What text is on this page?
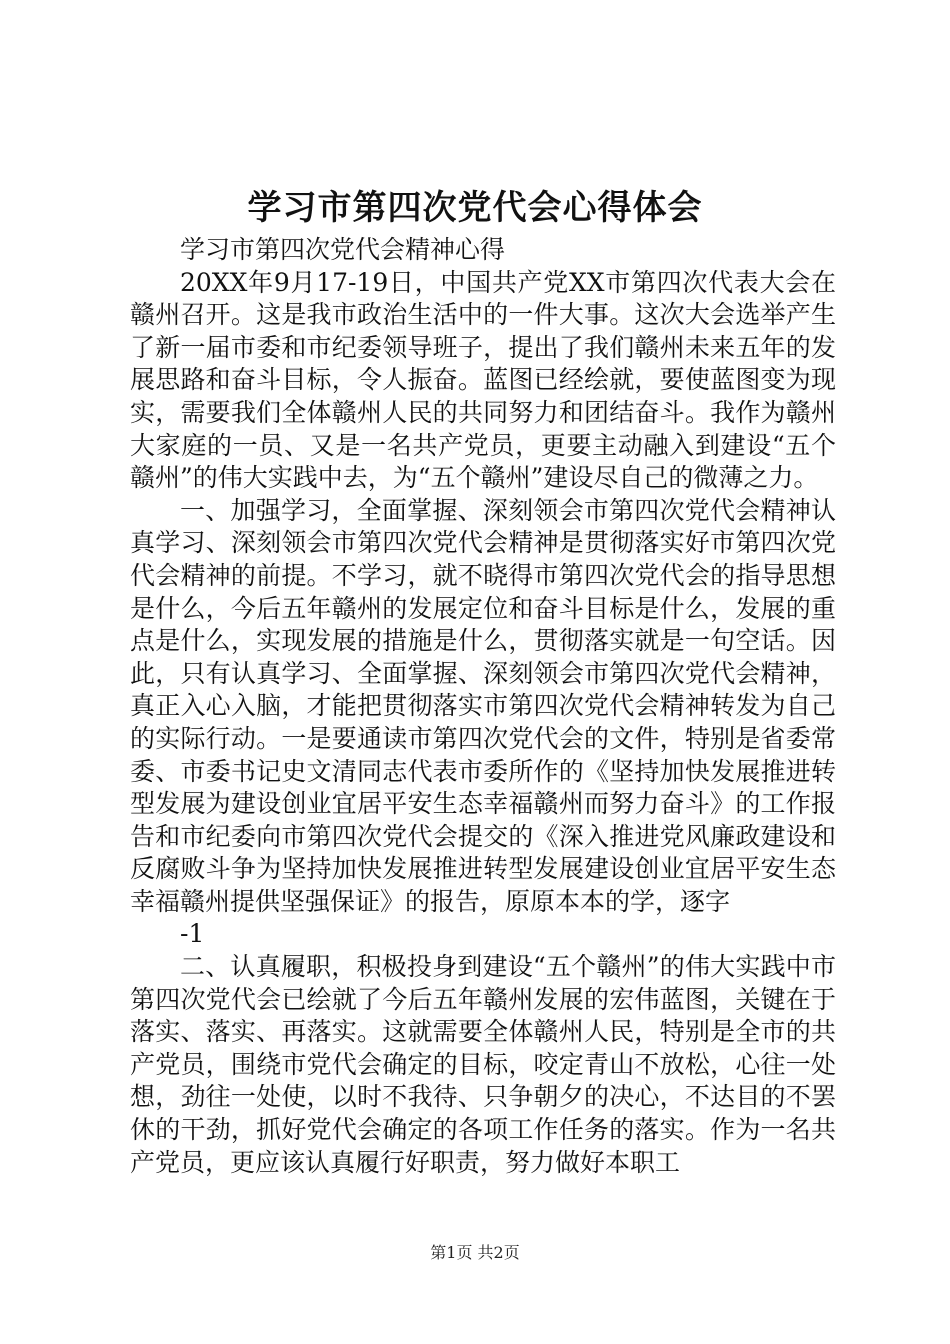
学习市第四次党代会心得体会

学习市第四次党代会精神心得

20XX年9月17-19日，中国共产党XX市第四次代表大会在赣州召开。这是我市政治生活中的一件大事。这次大会选举产生了新一届市委和市纪委领导班子，提出了我们赣州未来五年的发展思路和奋斗目标，令人振奋。蓝图已经绘就，要使蓝图变为现实，需要我们全体赣州人民的共同努力和团结奋斗。我作为赣州大家庭的一员、又是一名共产党员，更要主动融入到建设“五个赣州”的伟大实践中去，为“五个赣州”建设尽自己的微薄之力。

一、加强学习，全面掌握、深刻领会市第四次党代会精神认真学习、深刻领会市第四次党代会精神是贯彻落实好市第四次党代会精神的前提。不学习，就不晓得市第四次党代会的指导思想是什么，今后五年赣州的发展定位和奋斗目标是什么，发展的重点是什么，实现发展的措施是什么，贯彻落实就是一句空话。因此，只有认真学习、全面掌握、深刻领会市第四次党代会精神，真正入心入脑，才能把贯彻落实市第四次党代会精神转发为自己的实际行动。一是要通读市第四次党代会的文件，特别是省委常委、市委书记史文清同志代表市委所作的《坚持加快发展推进转型发展为建设创业宜居平安生态幸福赣州而努力奋斗》的工作报告和市纪委向市第四次党代会提交的《深入推进党风廉政建设和反腐败斗争为坚持加快发展推进转型发展建设创业宜居平安生态幸福赣州提供坚强保证》的报告，原原本本的学，逐字

-1

二、认真履职，积极投身到建设“五个赣州”的伟大实践中市第四次党代会已绘就了今后五年赣州发展的宏伟蓝图，关键在于落实、落实、再落实。这就需要全体赣州人民，特别是全市的共产党员，围绕市党代会确定的目标，咬定青山不放松，心往一处想，劲往一处使，以时不我待、只争朝夕的决心，不达目的不罢休的干劲，抓好党代会确定的各项工作任务的落实。作为一名共产党员，更应该认真履行好职责，努力做好本职工

第1页 共2页
